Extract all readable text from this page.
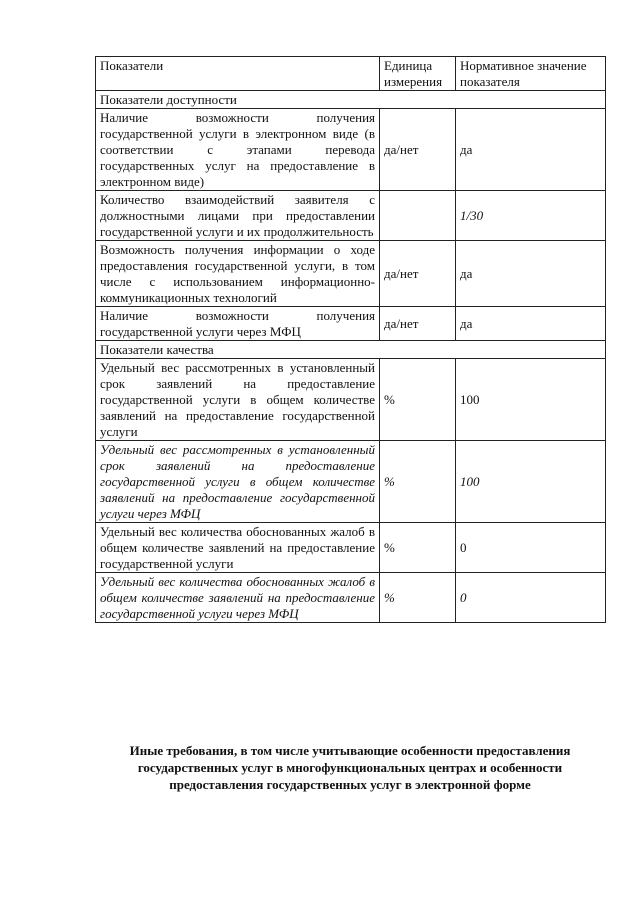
Показатели	Единица измерения	Нормативное значение показателя
Показатели доступности		
Наличие возможности получения государственной услуги в электронном виде (в соответствии с этапами перевода государственных услуг на предоставление в электронном виде)	да/нет	да
Количество взаимодействий заявителя с должностными лицами при предоставлении государственной услуги и их продолжительность		1/30
Возможность получения информации о ходе предоставления государственной услуги, в том числе с использованием информационно-коммуникационных технологий	да/нет	да
Наличие возможности получения государственной услуги через МФЦ	да/нет	да
Показатели качества		
Удельный вес рассмотренных в установленный срок заявлений на предоставление государственной услуги в общем количестве заявлений на предоставление государственной услуги	%	100
Удельный вес рассмотренных в установленный срок заявлений на предоставление государственной услуги в общем количестве заявлений на предоставление государственной услуги через МФЦ	%	100
Удельный вес количества обоснованных жалоб в общем количестве заявлений на предоставление государственной услуги	%	0
Удельный вес количества обоснованных жалоб в общем количестве заявлений на предоставление государственной услуги через МФЦ	%	0
Иные требования, в том числе учитывающие особенности предоставления государственных услуг в многофункциональных центрах и особенности предоставления государственных услуг в электронной форме
